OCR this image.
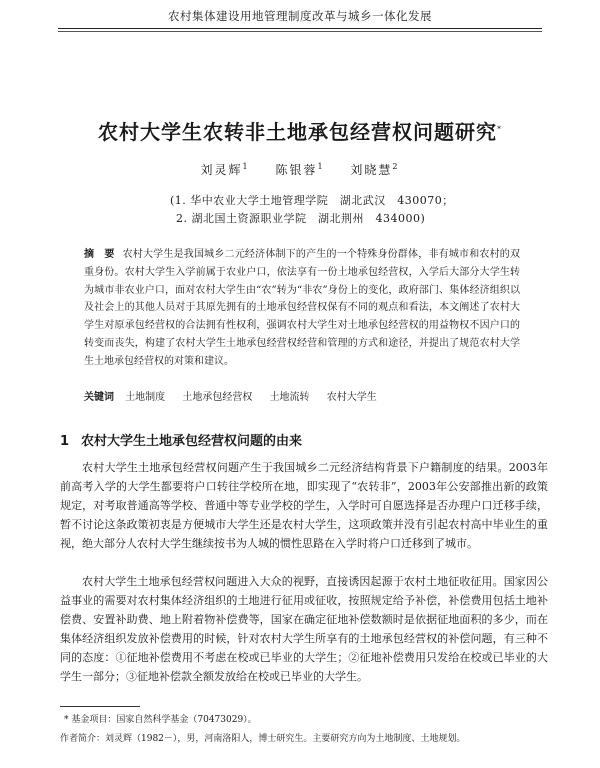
农村集体建设用地管理制度改革与城乡一体化发展
农村大学生农转非土地承包经营权问题研究*
刘灵辉$^1$ 陈银蓉$^1$ 刘晓慧$^2$
(1. 华中农业大学土地管理学院　湖北武汉　430070；
2. 湖北国土资源职业学院　湖北荆州　434000)
摘　要 农村大学生是我国城乡二元经济体制下的产生的一个特殊身份群体，非有城市和农村的双重身份。农村大学生入学前属于农业户口，依法享有一份土地承包经营权，入学后大部分大学生转为城市非农业户口，面对农村大学生由“农”转为“非农”身份上的变化，政府部门、集体经济组织以及社会上的其他人员对于其原先拥有的土地承包经营权保有不同的观点和看法，本文阐述了农村大学生对原承包经营权的合法拥有性权利，强调农村大学生对土地承包经营权的用益物权不因户口的转变而丧失，构建了农村大学生土地承包经营权经营和管理的方式和途径，并提出了规范农村大学生土地承包经营权的对策和建议。
关键词 土地制度 土地承包经营权 土地流转 农村大学生
1 农村大学生土地承包经营权问题的由来

农村大学生土地承包经营权问题产生于我国城乡二元经济结构背景下户籍制度的结果。2003年前高考入学的大学生都要将户口转往学校所在地，即实现了“农转非”，2003年公安部推出新的政策规定，对考取普通高等学校、普通中等专业学校的学生，入学时可自愿选择是否办理户口迁移手续，暂不讨论这条政策初衷是方便城市大学生还是农村大学生，这项政策并没有引起农村高中毕业生的重视，绝大部分人农村大学生继续按书为人城的惯性思路在入学时将户口迁移到了城市。

农村大学生土地承包经营权问题进入大众的视野，直接诱因起源于农村土地征收征用。国家因公益事业的需要对农村集体经济组织的土地进行征用或征收，按照规定给予补偿，补偿费用包括土地补偿费、安置补助费、地上附着物补偿费等，国家在确定征地补偿数额时是依据征地面积的多少，而在集体经济组织发放补偿费用的时候，针对农村大学生所享有的土地承包经营权的补偿问题，有三种不同的态度：①征地补偿费用不考虑在校或已毕业的大学生；②征地补偿费用只发给在校或已毕业的大学生一部分；③征地补偿款全额发放给在校或已毕业的大学生。

* 基金项目：国家自然科学基金（70473029）。
作者简介：刘灵辉（1982－），男，河南洛阳人，博士研究生。主要研究方向为土地制度、土地规划。
